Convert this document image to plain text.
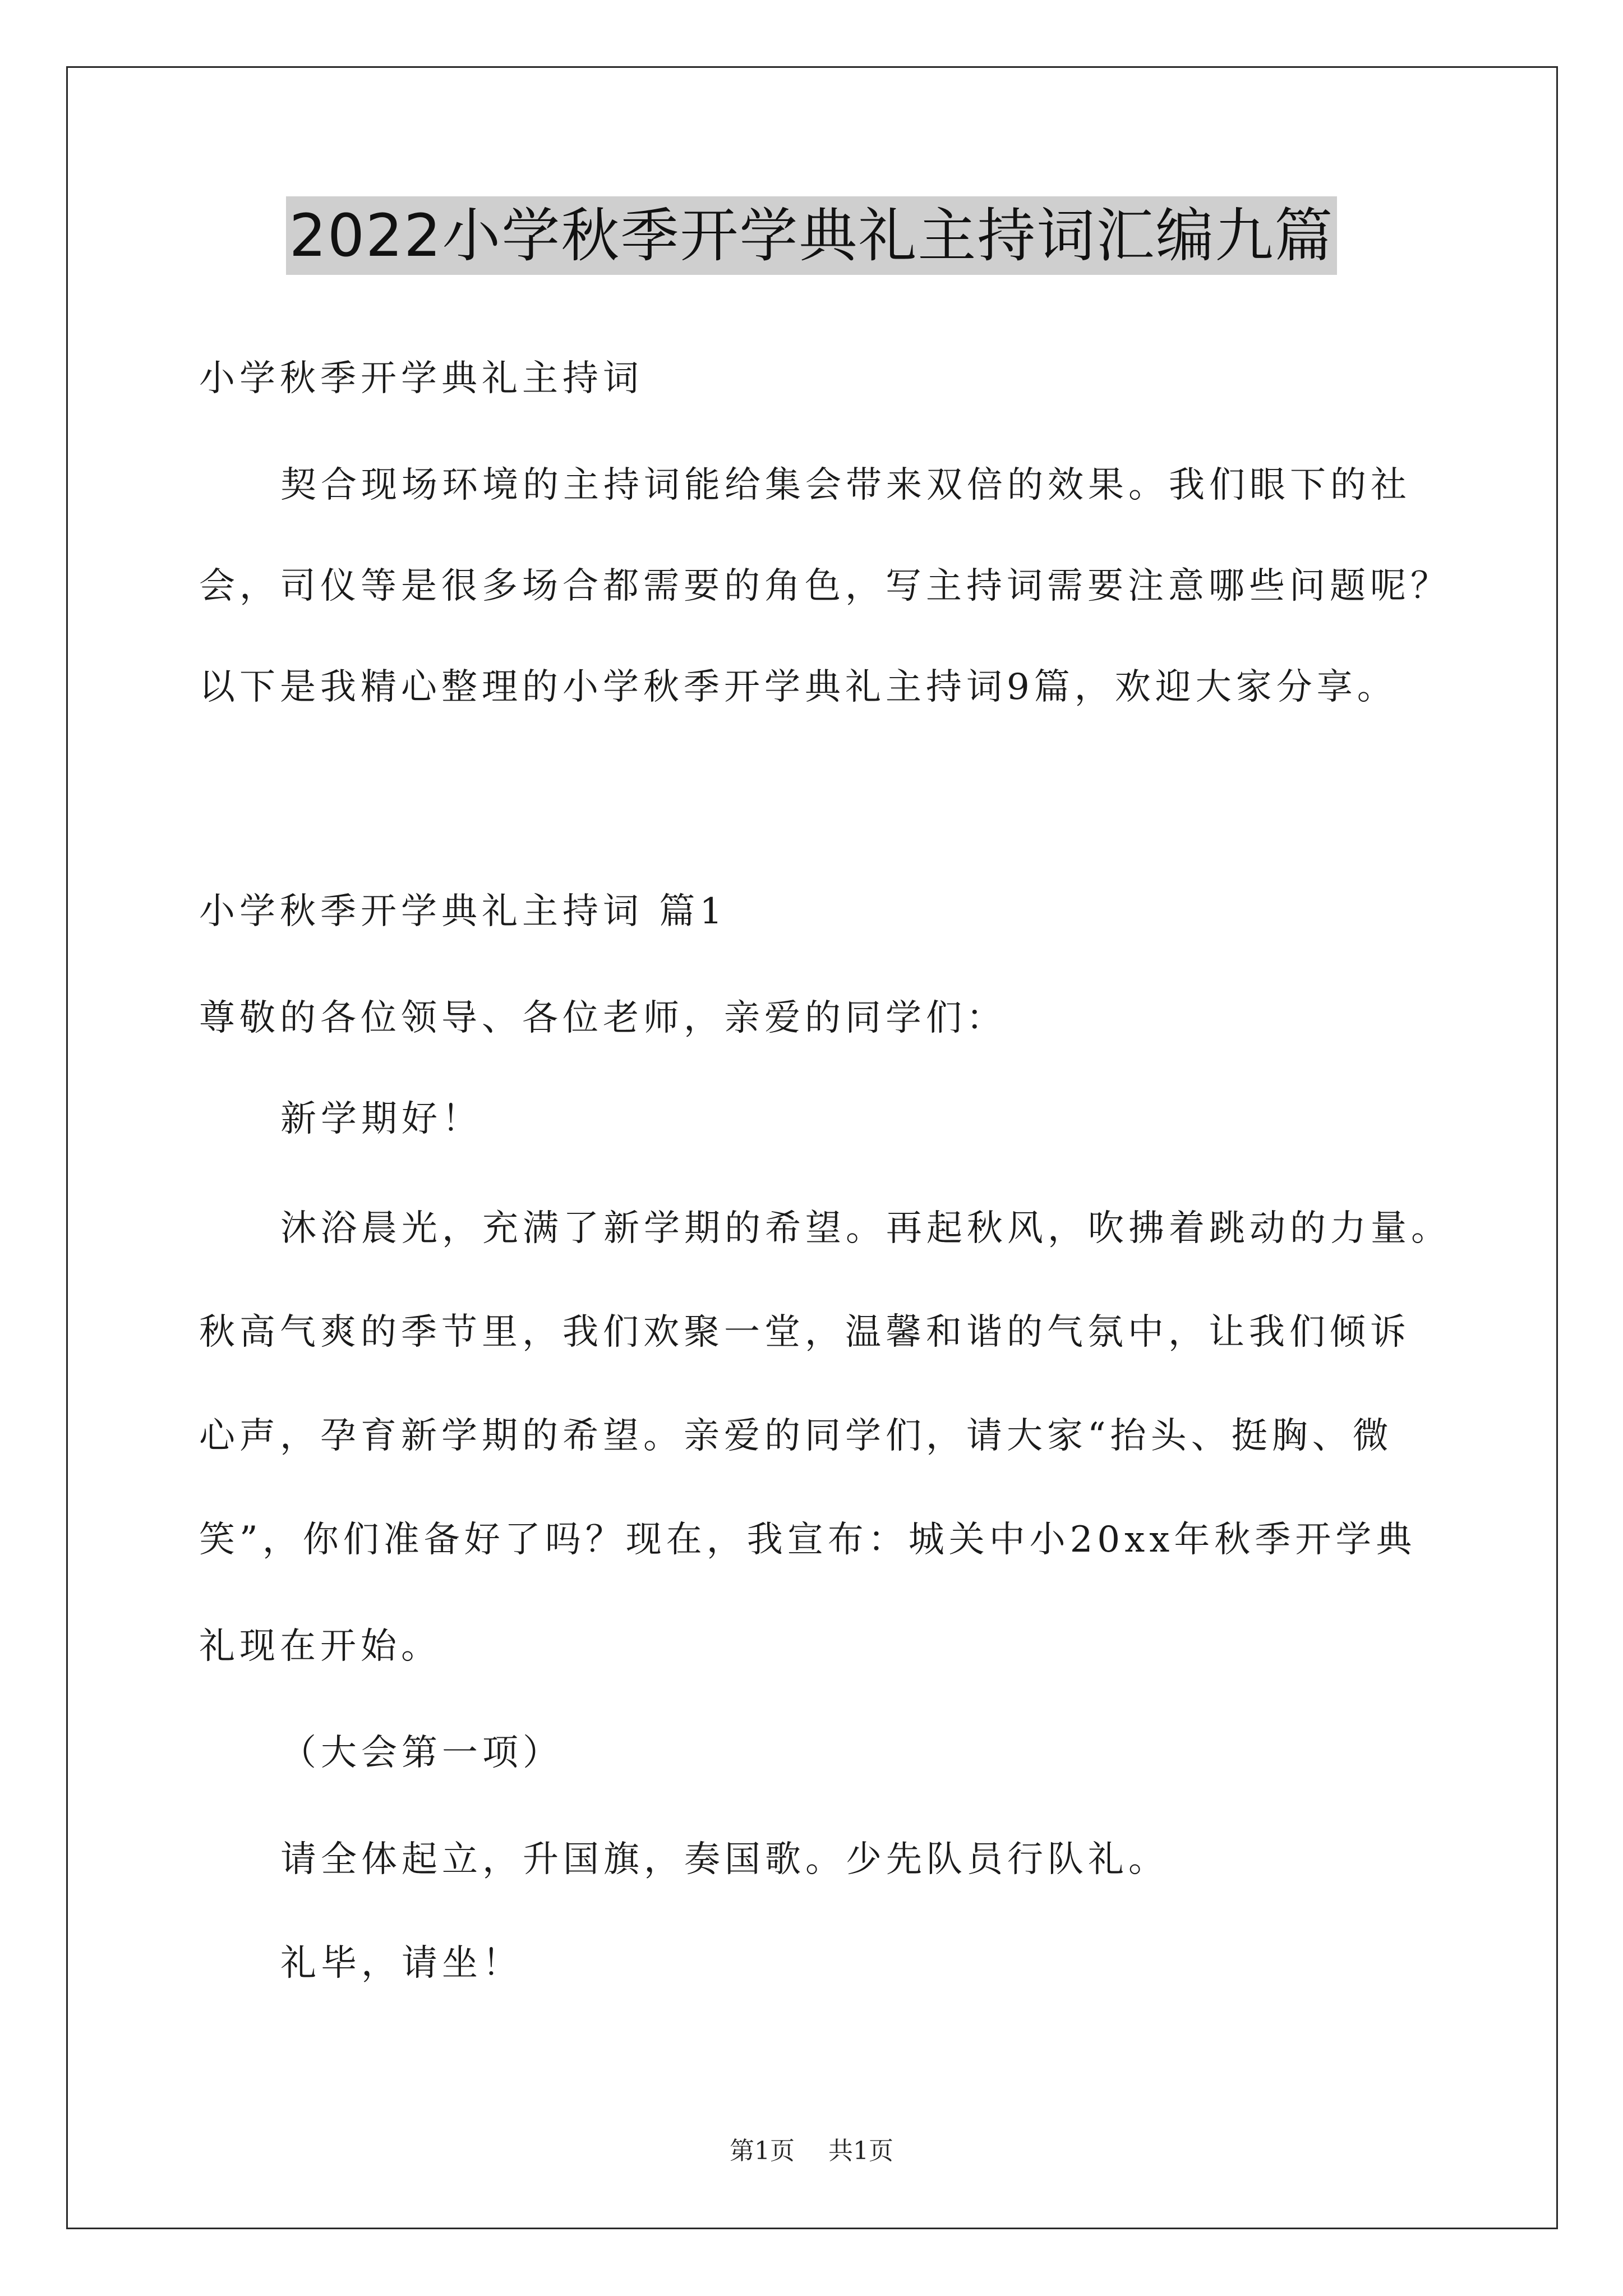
2022小学秋季开学典礼主持词汇编九篇
小学秋季开学典礼主持词
契合现场环境的主持词能给集会带来双倍的效果。我们眼下的社
会，司仪等是很多场合都需要的角色，写主持词需要注意哪些问题呢？
以下是我精心整理的小学秋季开学典礼主持词9篇，欢迎大家分享。
小学秋季开学典礼主持词 篇1
尊敬的各位领导、各位老师，亲爱的同学们：
新学期好！
沐浴晨光，充满了新学期的希望。再起秋风，吹拂着跳动的力量。
秋高气爽的季节里，我们欢聚一堂，温馨和谐的气氛中，让我们倾诉
心声，孕育新学期的希望。亲爱的同学们，请大家“抬头、挺胸、微
笑”，你们准备好了吗？现在，我宣布：城关中小20xx年秋季开学典
礼现在开始。
（大会第一项）
请全体起立，升国旗，奏国歌。少先队员行队礼。
礼毕，请坐！
第1页 共1页
